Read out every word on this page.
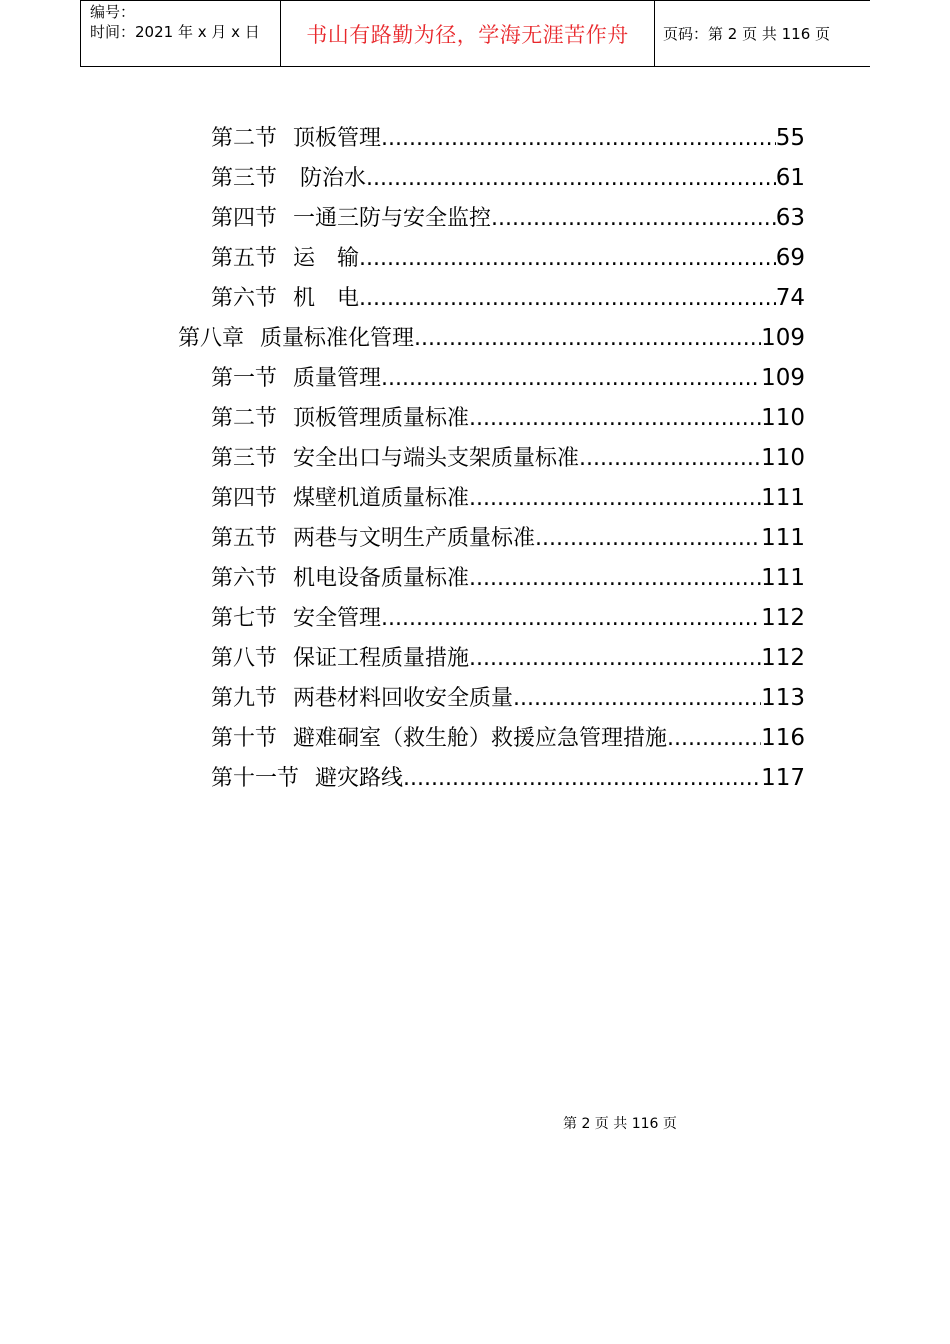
编号：
时间：2021 年 x 月 x 日	书山有路勤为径，学海无涯苦作舟 页码：第 2 页 共 116 页
第二节 顶板管理 .....	55
第三节 防治水 .....	61
第四节 一通三防与安全监控 .....	63
第五节 运　输 .....	69
第六节 机　电 .....	74
第八章 质量标准化管理 .....	109
第一节 质量管理 .....	109
第二节 顶板管理质量标准 .....	110
第三节 安全出口与端头支架质量标准 .....	110
第四节 煤壁机道质量标准 .....	111
第五节 两巷与文明生产质量标准 .....	111
第六节 机电设备质量标准 .....	111
第七节 安全管理 .....	112
第八节 保证工程质量措施 .....	112
第九节 两巷材料回收安全质量 .....	113
第十节 避难硐室（救生舱）救援应急管理措施 .....	116
第十一节 避灾路线 .....	117
第 2 页 共 116 页
